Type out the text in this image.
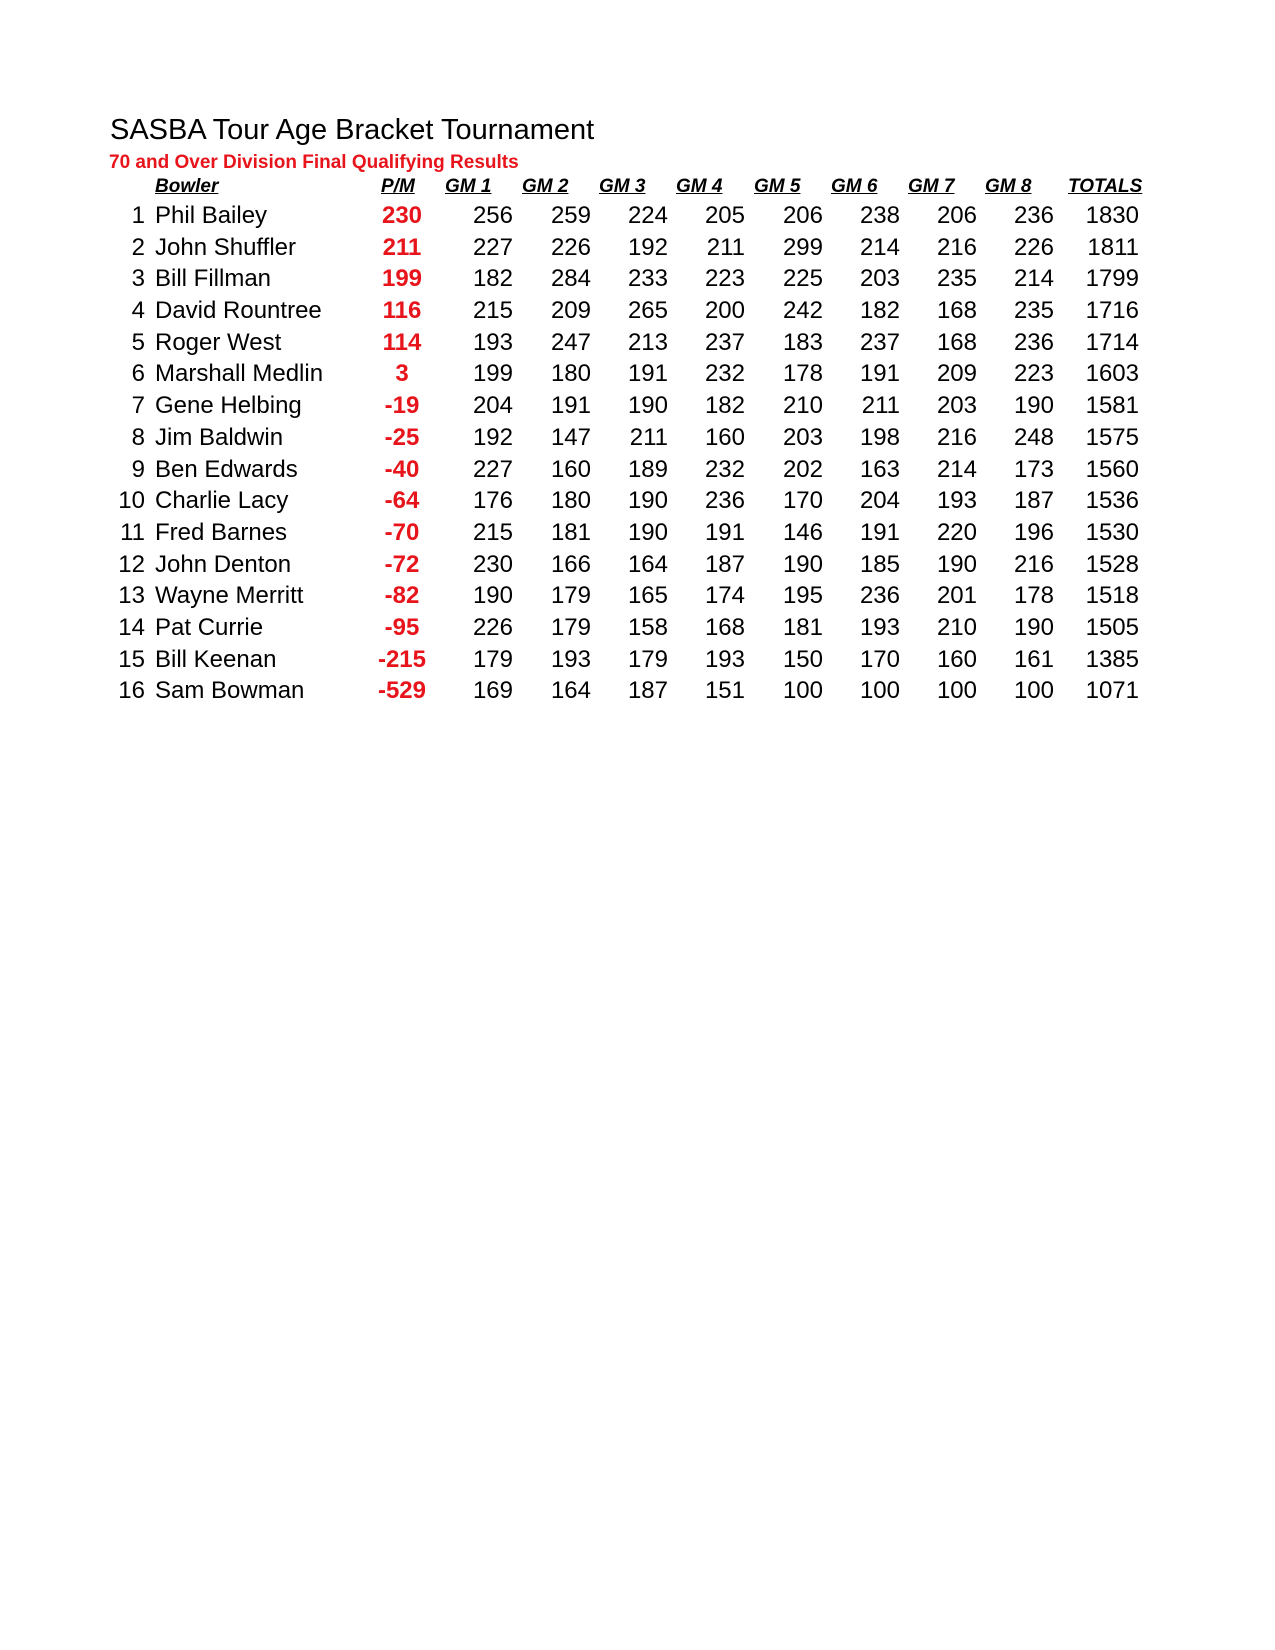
SASBA Tour Age Bracket Tournament
70 and Over Division Final Qualifying Results
Bowler	P/M GM 1 GM 2 GM 3 GM 4 GM 5 GM 6 GM 7 GM 8 TOTALS
1 Phil Bailey	230	256 259 224 205 206 238 206 236 1830
2 John Shuffler	211	227 226 192 211 299 214 216 226 1811
3 Bill Fillman	199	182 284 233 223 225 203 235 214 1799
4 David Rountree	116	215 209 265 200 242 182 168 235 1716
5 Roger West	114	193 247 213 237 183 237 168 236 1714
6 Marshall Medlin	3	199 180 191 232 178 191 209 223 1603
7 Gene Helbing	-19	204 191 190 182 210 211 203 190 1581
8 Jim Baldwin	-25	192 147 211 160 203 198 216 248 1575
9 Ben Edwards	-40	227 160 189 232 202 163 214 173 1560
10 Charlie Lacy	-64	176 180 190 236 170 204 193 187 1536
11 Fred Barnes	-70	215 181 190 191 146 191 220 196 1530
12 John Denton	-72	230 166 164 187 190 185 190 216 1528
13 Wayne Merritt	-82	190 179 165 174 195 236 201 178 1518
14 Pat Currie	-95	226 179 158 168 181 193 210 190 1505
15 Bill Keenan	-215	179 193 179 193 150 170 160 161 1385
16 Sam Bowman	-529	169 164 187 151 100 100 100 100 1071
